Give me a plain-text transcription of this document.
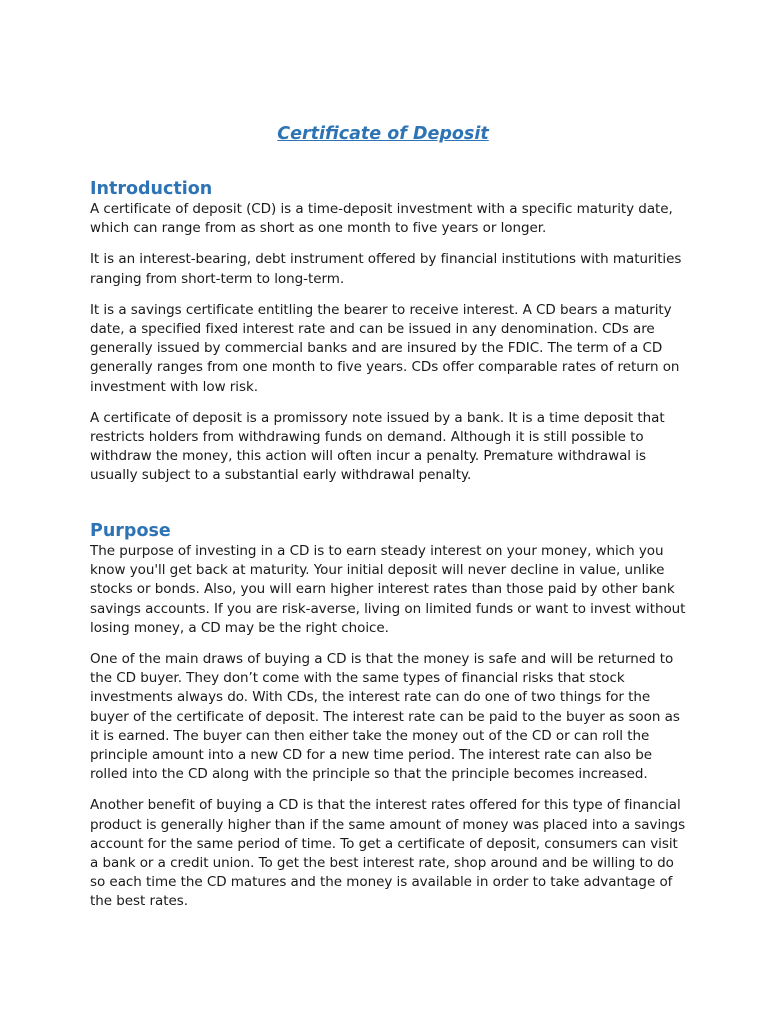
Certificate of Deposit
Introduction

A certificate of deposit (CD) is a time-deposit investment with a specific maturity date, which can range from as short as one month to five years or longer.

It is an interest-bearing, debt instrument offered by financial institutions with maturities ranging from short-term to long-term.

It is a savings certificate entitling the bearer to receive interest. A CD bears a maturity date, a specified fixed interest rate and can be issued in any denomination. CDs are generally issued by commercial banks and are insured by the FDIC. The term of a CD generally ranges from one month to five years. CDs offer comparable rates of return on investment with low risk.

A certificate of deposit is a promissory note issued by a bank. It is a time deposit that restricts holders from withdrawing funds on demand. Although it is still possible to withdraw the money, this action will often incur a penalty. Premature withdrawal is usually subject to a substantial early withdrawal penalty.

Purpose

The purpose of investing in a CD is to earn steady interest on your money, which you know you'll get back at maturity. Your initial deposit will never decline in value, unlike stocks or bonds. Also, you will earn higher interest rates than those paid by other bank savings accounts. If you are risk-averse, living on limited funds or want to invest without losing money, a CD may be the right choice.

One of the main draws of buying a CD is that the money is safe and will be returned to the CD buyer. They don’t come with the same types of financial risks that stock investments always do. With CDs, the interest rate can do one of two things for the buyer of the certificate of deposit. The interest rate can be paid to the buyer as soon as it is earned. The buyer can then either take the money out of the CD or can roll the principle amount into a new CD for a new time period. The interest rate can also be rolled into the CD along with the principle so that the principle becomes increased.

Another benefit of buying a CD is that the interest rates offered for this type of financial product is generally higher than if the same amount of money was placed into a savings account for the same period of time. To get a certificate of deposit, consumers can visit a bank or a credit union. To get the best interest rate, shop around and be willing to do so each time the CD matures and the money is available in order to take advantage of the best rates.
